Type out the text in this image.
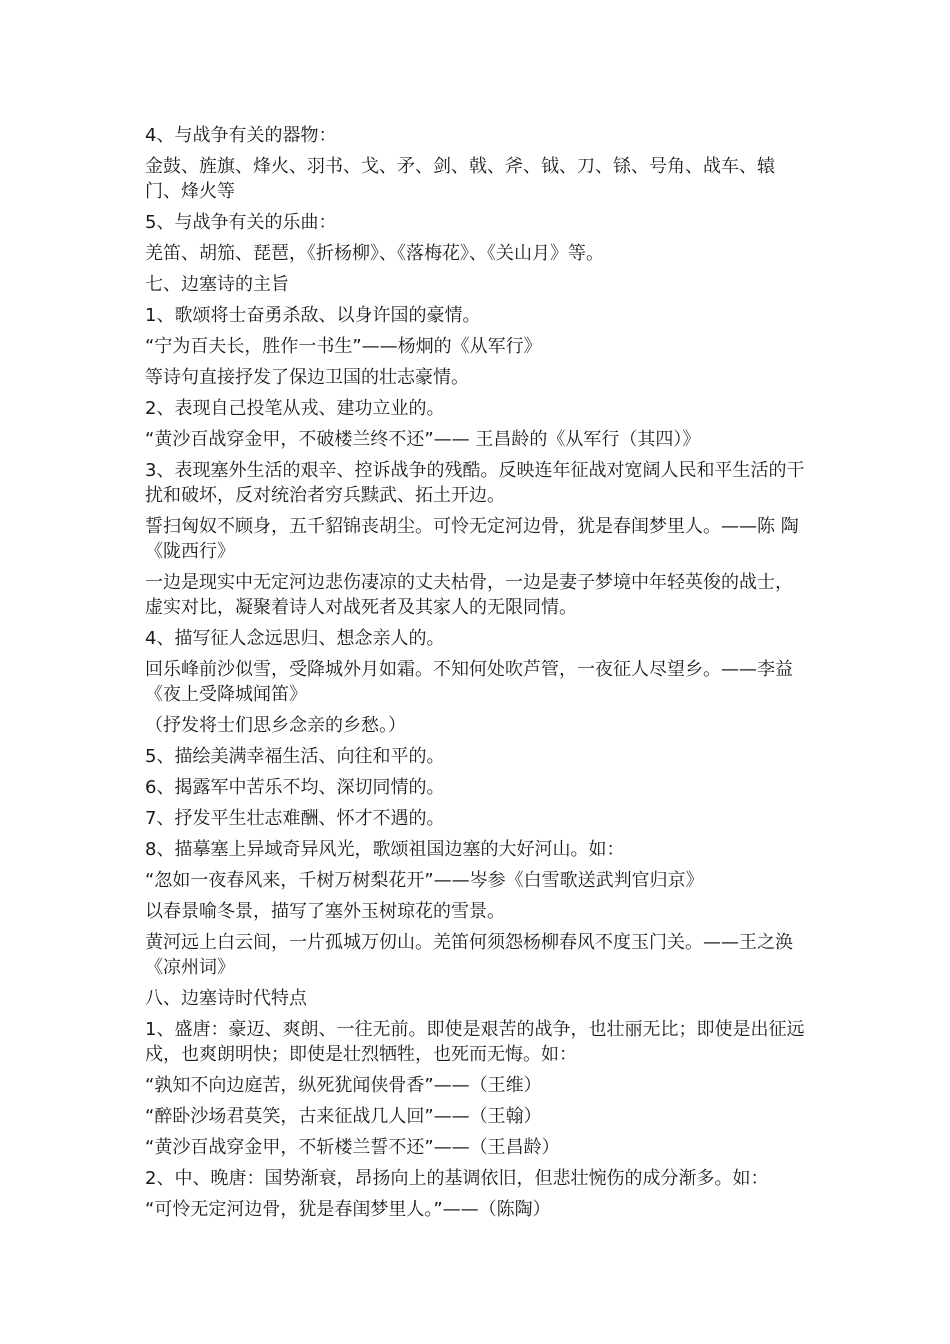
4、与战争有关的器物：

金鼓、旌旗、烽火、羽书、戈、矛、剑、戟、斧、钺、刀、铩、号角、战车、辕门、烽火等

5、与战争有关的乐曲：

羌笛、胡笳、琵琶，《折杨柳》、《落梅花》、《关山月》等。

七、边塞诗的主旨

1、歌颂将士奋勇杀敌、以身许国的豪情。

“宁为百夫长，胜作一书生”——杨炯的《从军行》

等诗句直接抒发了保边卫国的壮志豪情。

2、表现自己投笔从戎、建功立业的。

“黄沙百战穿金甲，不破楼兰终不还”—— 王昌龄的《从军行（其四）》

3、表现塞外生活的艰辛、控诉战争的残酷。反映连年征战对宽阔人民和平生活的干扰和破坏，反对统治者穷兵黩武、拓土开边。

誓扫匈奴不顾身，五千貂锦丧胡尘。可怜无定河边骨，犹是春闺梦里人。——陈 陶《陇西行》

一边是现实中无定河边悲伤凄凉的丈夫枯骨，一边是妻子梦境中年轻英俊的战士，虚实对比，凝聚着诗人对战死者及其家人的无限同情。

4、描写征人念远思归、想念亲人的。

回乐峰前沙似雪，受降城外月如霜。不知何处吹芦管，一夜征人尽望乡。——李益《夜上受降城闻笛》

（抒发将士们思乡念亲的乡愁。）

5、描绘美满幸福生活、向往和平的。

6、揭露军中苦乐不均、深切同情的。

7、抒发平生壮志难酬、怀才不遇的。

8、描摹塞上异域奇异风光，歌颂祖国边塞的大好河山。如：

“忽如一夜春风来，千树万树梨花开”——岑参《白雪歌送武判官归京》

以春景喻冬景，描写了塞外玉树琼花的雪景。

黄河远上白云间，一片孤城万仞山。羌笛何须怨杨柳春风不度玉门关。——王之涣《凉州词》

八、边塞诗时代特点

1、盛唐：豪迈、爽朗、一往无前。即使是艰苦的战争，也壮丽无比；即使是出征远戍，也爽朗明快；即使是壮烈牺牲，也死而无悔。如：

“孰知不向边庭苦，纵死犹闻侠骨香”——（王维）

“醉卧沙场君莫笑，古来征战几人回”——（王翰）

“黄沙百战穿金甲，不斩楼兰誓不还”——（王昌龄）

2、中、晚唐：国势渐衰，昂扬向上的基调依旧，但悲壮惋伤的成分渐多。如：

“可怜无定河边骨，犹是春闺梦里人。”——（陈陶）
